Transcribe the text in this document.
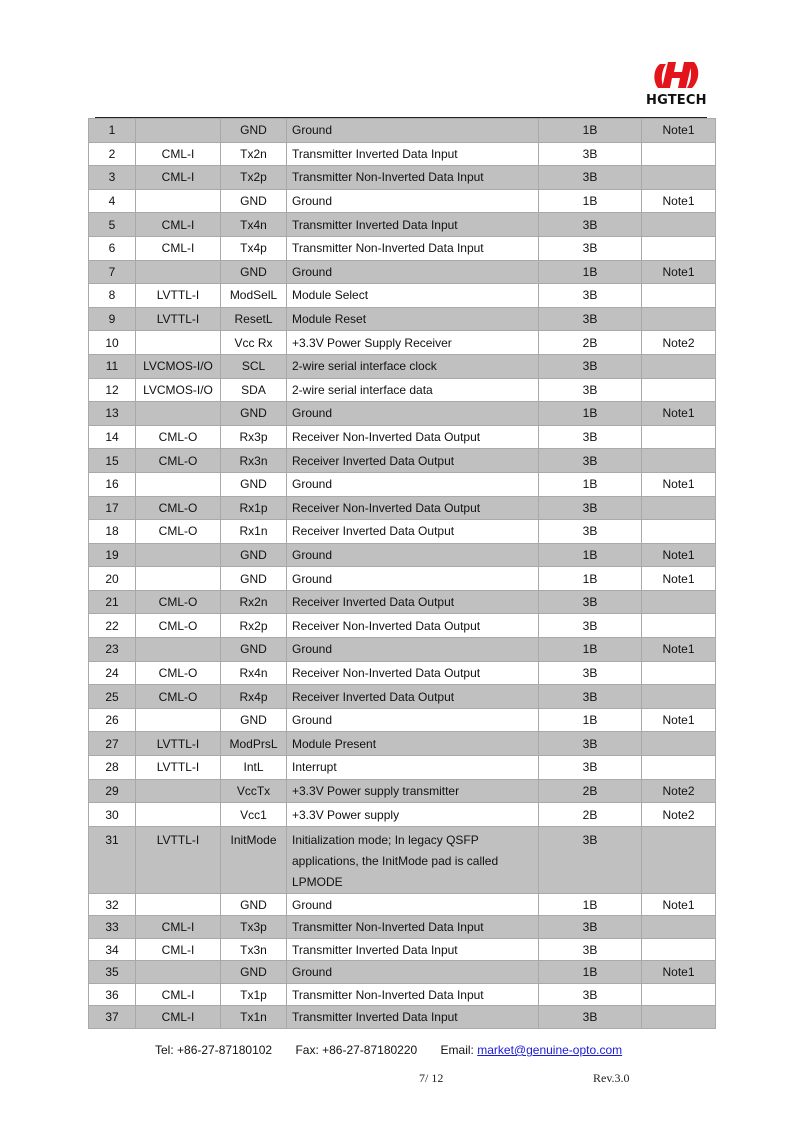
HGTECH
1		GND	Ground	1B	Note1
2	CML-I	Tx2n	Transmitter Inverted Data Input	3B	
3	CML-I	Tx2p	Transmitter Non-Inverted Data Input	3B	
4		GND	Ground	1B	Note1
5	CML-I	Tx4n	Transmitter Inverted Data Input	3B	
6	CML-I	Tx4p	Transmitter Non-Inverted Data Input	3B	
7		GND	Ground	1B	Note1
8	LVTTL-I	ModSelL	Module Select	3B	
9	LVTTL-I	ResetL	Module Reset	3B	
10		Vcc Rx	+3.3V Power Supply Receiver	2B	Note2
11	LVCMOS-I/O	SCL	2-wire serial interface clock	3B	
12	LVCMOS-I/O	SDA	2-wire serial interface data	3B	
13		GND	Ground	1B	Note1
14	CML-O	Rx3p	Receiver Non-Inverted Data Output	3B	
15	CML-O	Rx3n	Receiver Inverted Data Output	3B	
16		GND	Ground	1B	Note1
17	CML-O	Rx1p	Receiver Non-Inverted Data Output	3B	
18	CML-O	Rx1n	Receiver Inverted Data Output	3B	
19		GND	Ground	1B	Note1
20		GND	Ground	1B	Note1
21	CML-O	Rx2n	Receiver Inverted Data Output	3B	
22	CML-O	Rx2p	Receiver Non-Inverted Data Output	3B	
23		GND	Ground	1B	Note1
24	CML-O	Rx4n	Receiver Non-Inverted Data Output	3B	
25	CML-O	Rx4p	Receiver Inverted Data Output	3B	
26		GND	Ground	1B	Note1
27	LVTTL-I	ModPrsL	Module Present	3B	
28	LVTTL-I	IntL	Interrupt	3B	
29		VccTx	+3.3V Power supply transmitter	2B	Note2
30		Vcc1	+3.3V Power supply	2B	Note2
31	LVTTL-I	InitMode	Initialization mode; In legacy QSFP applications, the InitMode pad is called LPMODE	3B	
32		GND	Ground	1B	Note1
33	CML-I	Tx3p	Transmitter Non-Inverted Data Input	3B	
34	CML-I	Tx3n	Transmitter Inverted Data Input	3B	
35		GND	Ground	1B	Note1
36	CML-I	Tx1p	Transmitter Non-Inverted Data Input	3B	
37	CML-I	Tx1n	Transmitter Inverted Data Input	3B	
Tel: +86-27-87180102 Fax: +86-27-87180220 Email: market@genuine-opto.com
7/ 12	Rev.3.0
